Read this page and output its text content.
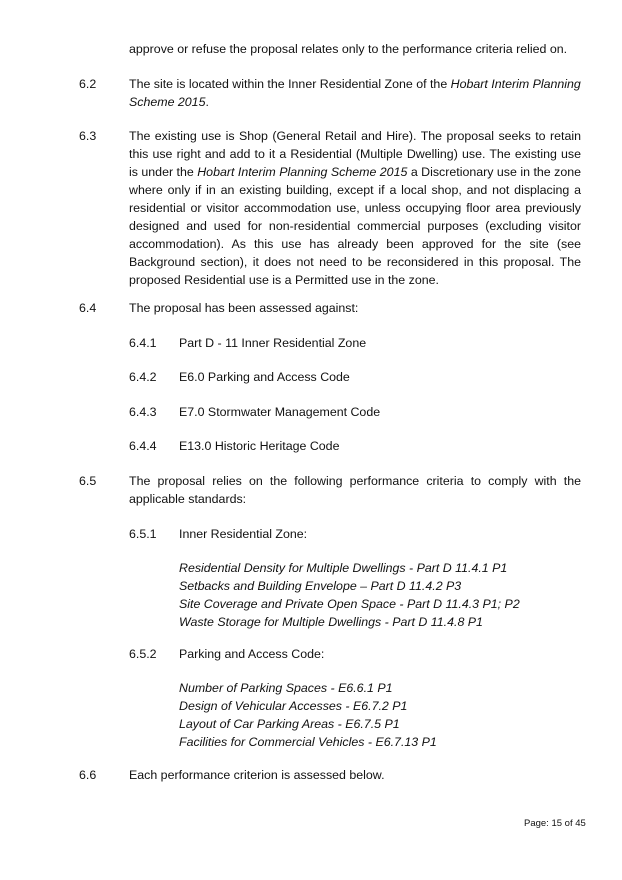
approve or refuse the proposal relates only to the performance criteria relied on.
6.2	The site is located within the Inner Residential Zone of the Hobart Interim Planning Scheme 2015.
6.3	The existing use is Shop (General Retail and Hire). The proposal seeks to retain this use right and add to it a Residential (Multiple Dwelling) use. The existing use is under the Hobart Interim Planning Scheme 2015 a Discretionary use in the zone where only if in an existing building, except if a local shop, and not displacing a residential or visitor accommodation use, unless occupying floor area previously designed and used for non-residential commercial purposes (excluding visitor accommodation). As this use has already been approved for the site (see Background section), it does not need to be reconsidered in this proposal. The proposed Residential use is a Permitted use in the zone.
6.4	The proposal has been assessed against:
6.4.1 Part D - 11 Inner Residential Zone
6.4.2 E6.0 Parking and Access Code
6.4.3 E7.0 Stormwater Management Code
6.4.4 E13.0 Historic Heritage Code
6.5	The proposal relies on the following performance criteria to comply with the applicable standards:
6.5.1 Inner Residential Zone:
Residential Density for Multiple Dwellings - Part D 11.4.1 P1
Setbacks and Building Envelope – Part D 11.4.2 P3
Site Coverage and Private Open Space - Part D 11.4.3 P1; P2
Waste Storage for Multiple Dwellings - Part D 11.4.8 P1
6.5.2 Parking and Access Code:
Number of Parking Spaces - E6.6.1 P1
Design of Vehicular Accesses - E6.7.2 P1
Layout of Car Parking Areas - E6.7.5 P1
Facilities for Commercial Vehicles - E6.7.13 P1
6.6	Each performance criterion is assessed below.
Page: 15 of 45
